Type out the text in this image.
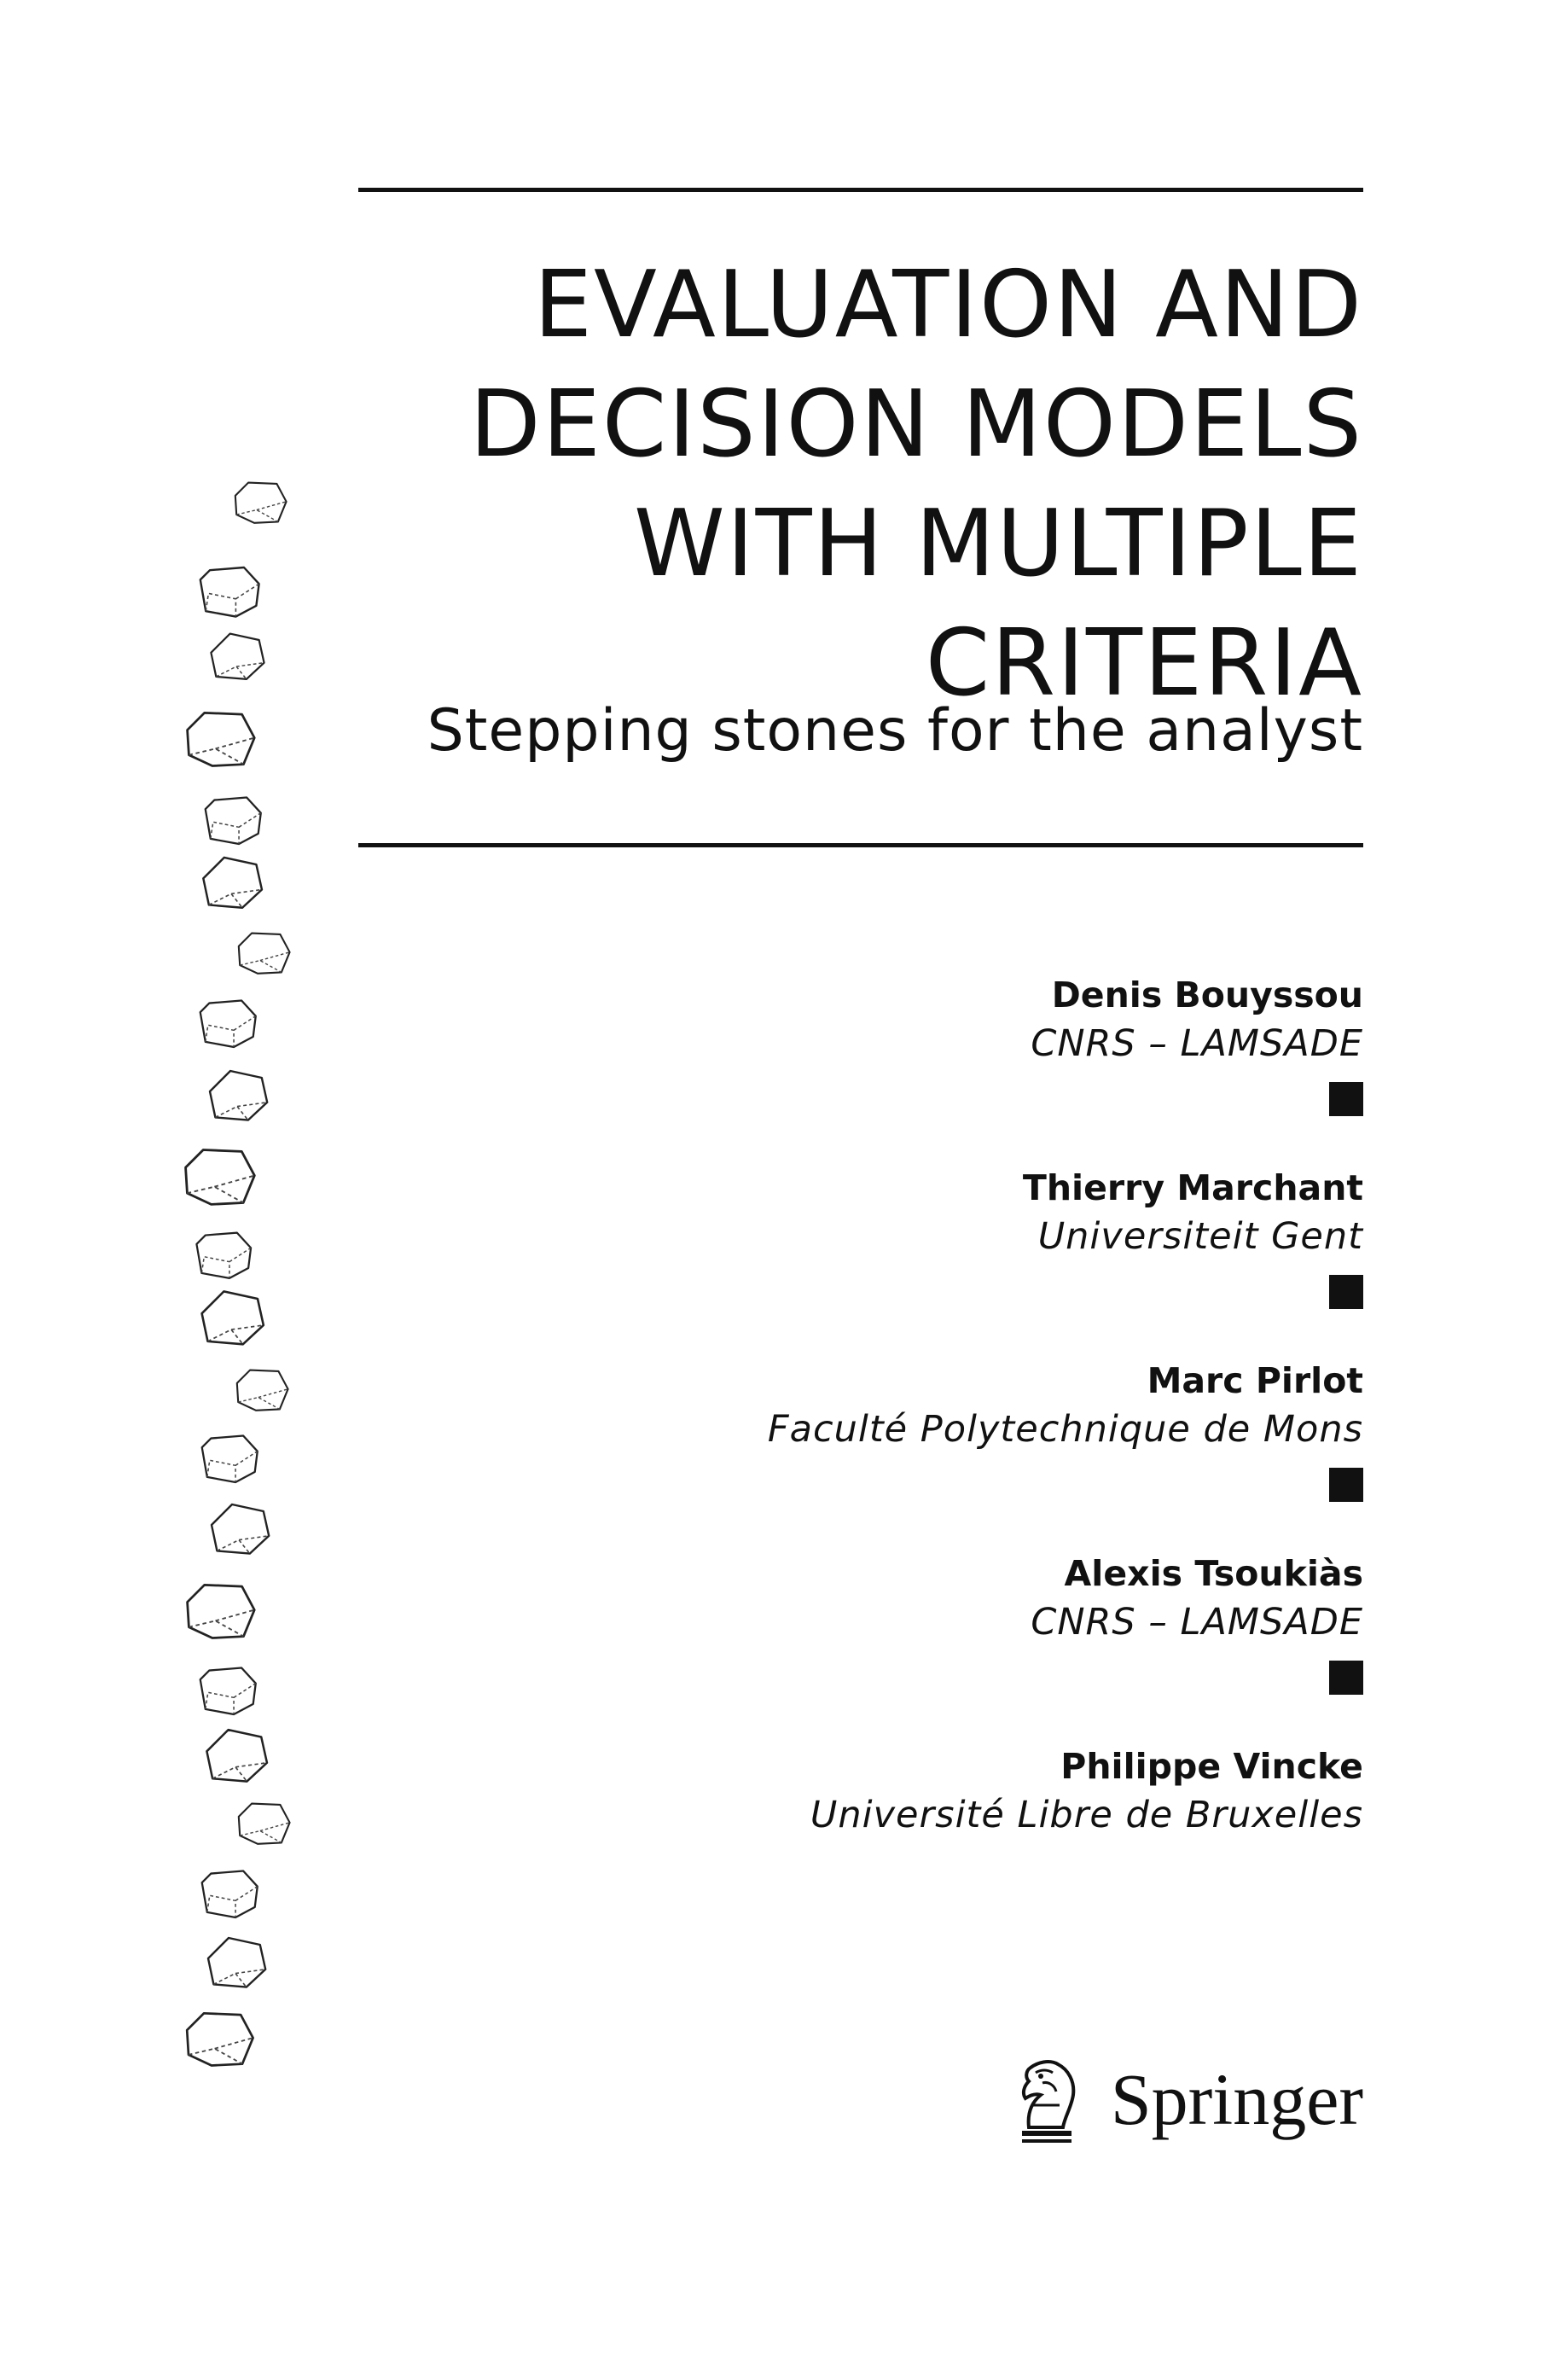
EVALUATION AND
DECISION MODELS
WITH MULTIPLE
CRITERIA
Stepping stones for the analyst
Denis Bouyssou
CNRS – LAMSADE
Thierry Marchant
Universiteit Gent
Marc Pirlot
Faculté Polytechnique de Mons
Alexis Tsoukiàs
CNRS – LAMSADE
Philippe Vincke
Université Libre de Bruxelles
Springer
